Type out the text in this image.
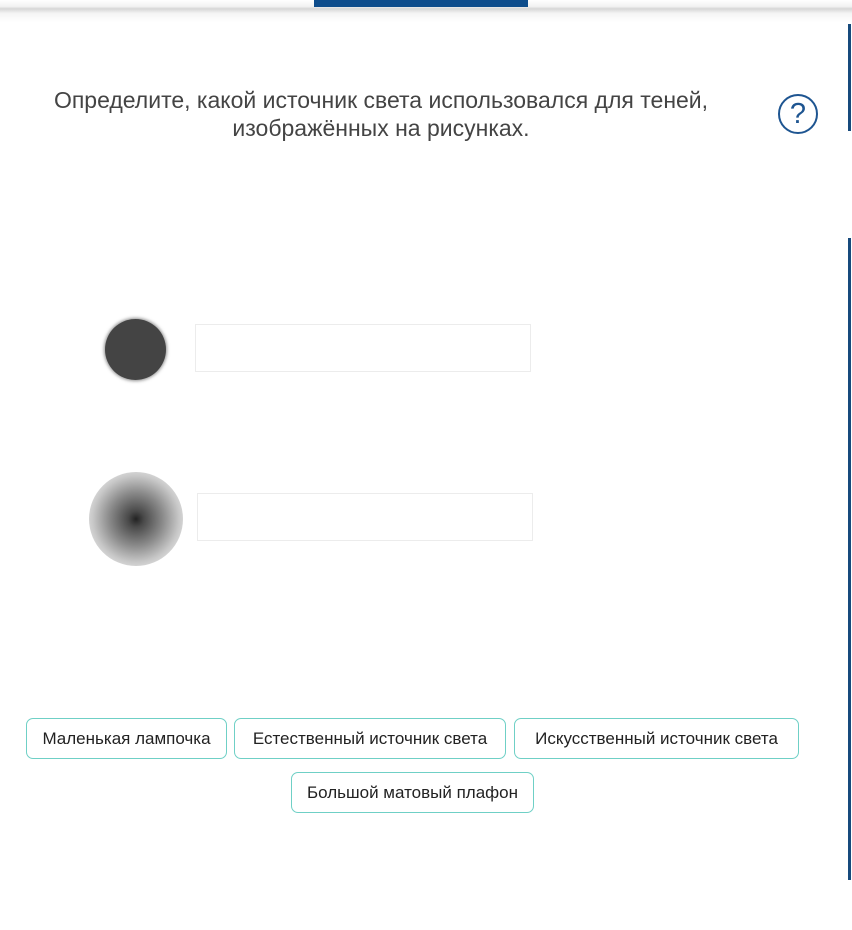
Определите, какой источник света использовался для теней, изображённых на рисунках.	?
Маленькая лампочка	Естественный источник света	Искусственный источник света
Большой матовый плафон
